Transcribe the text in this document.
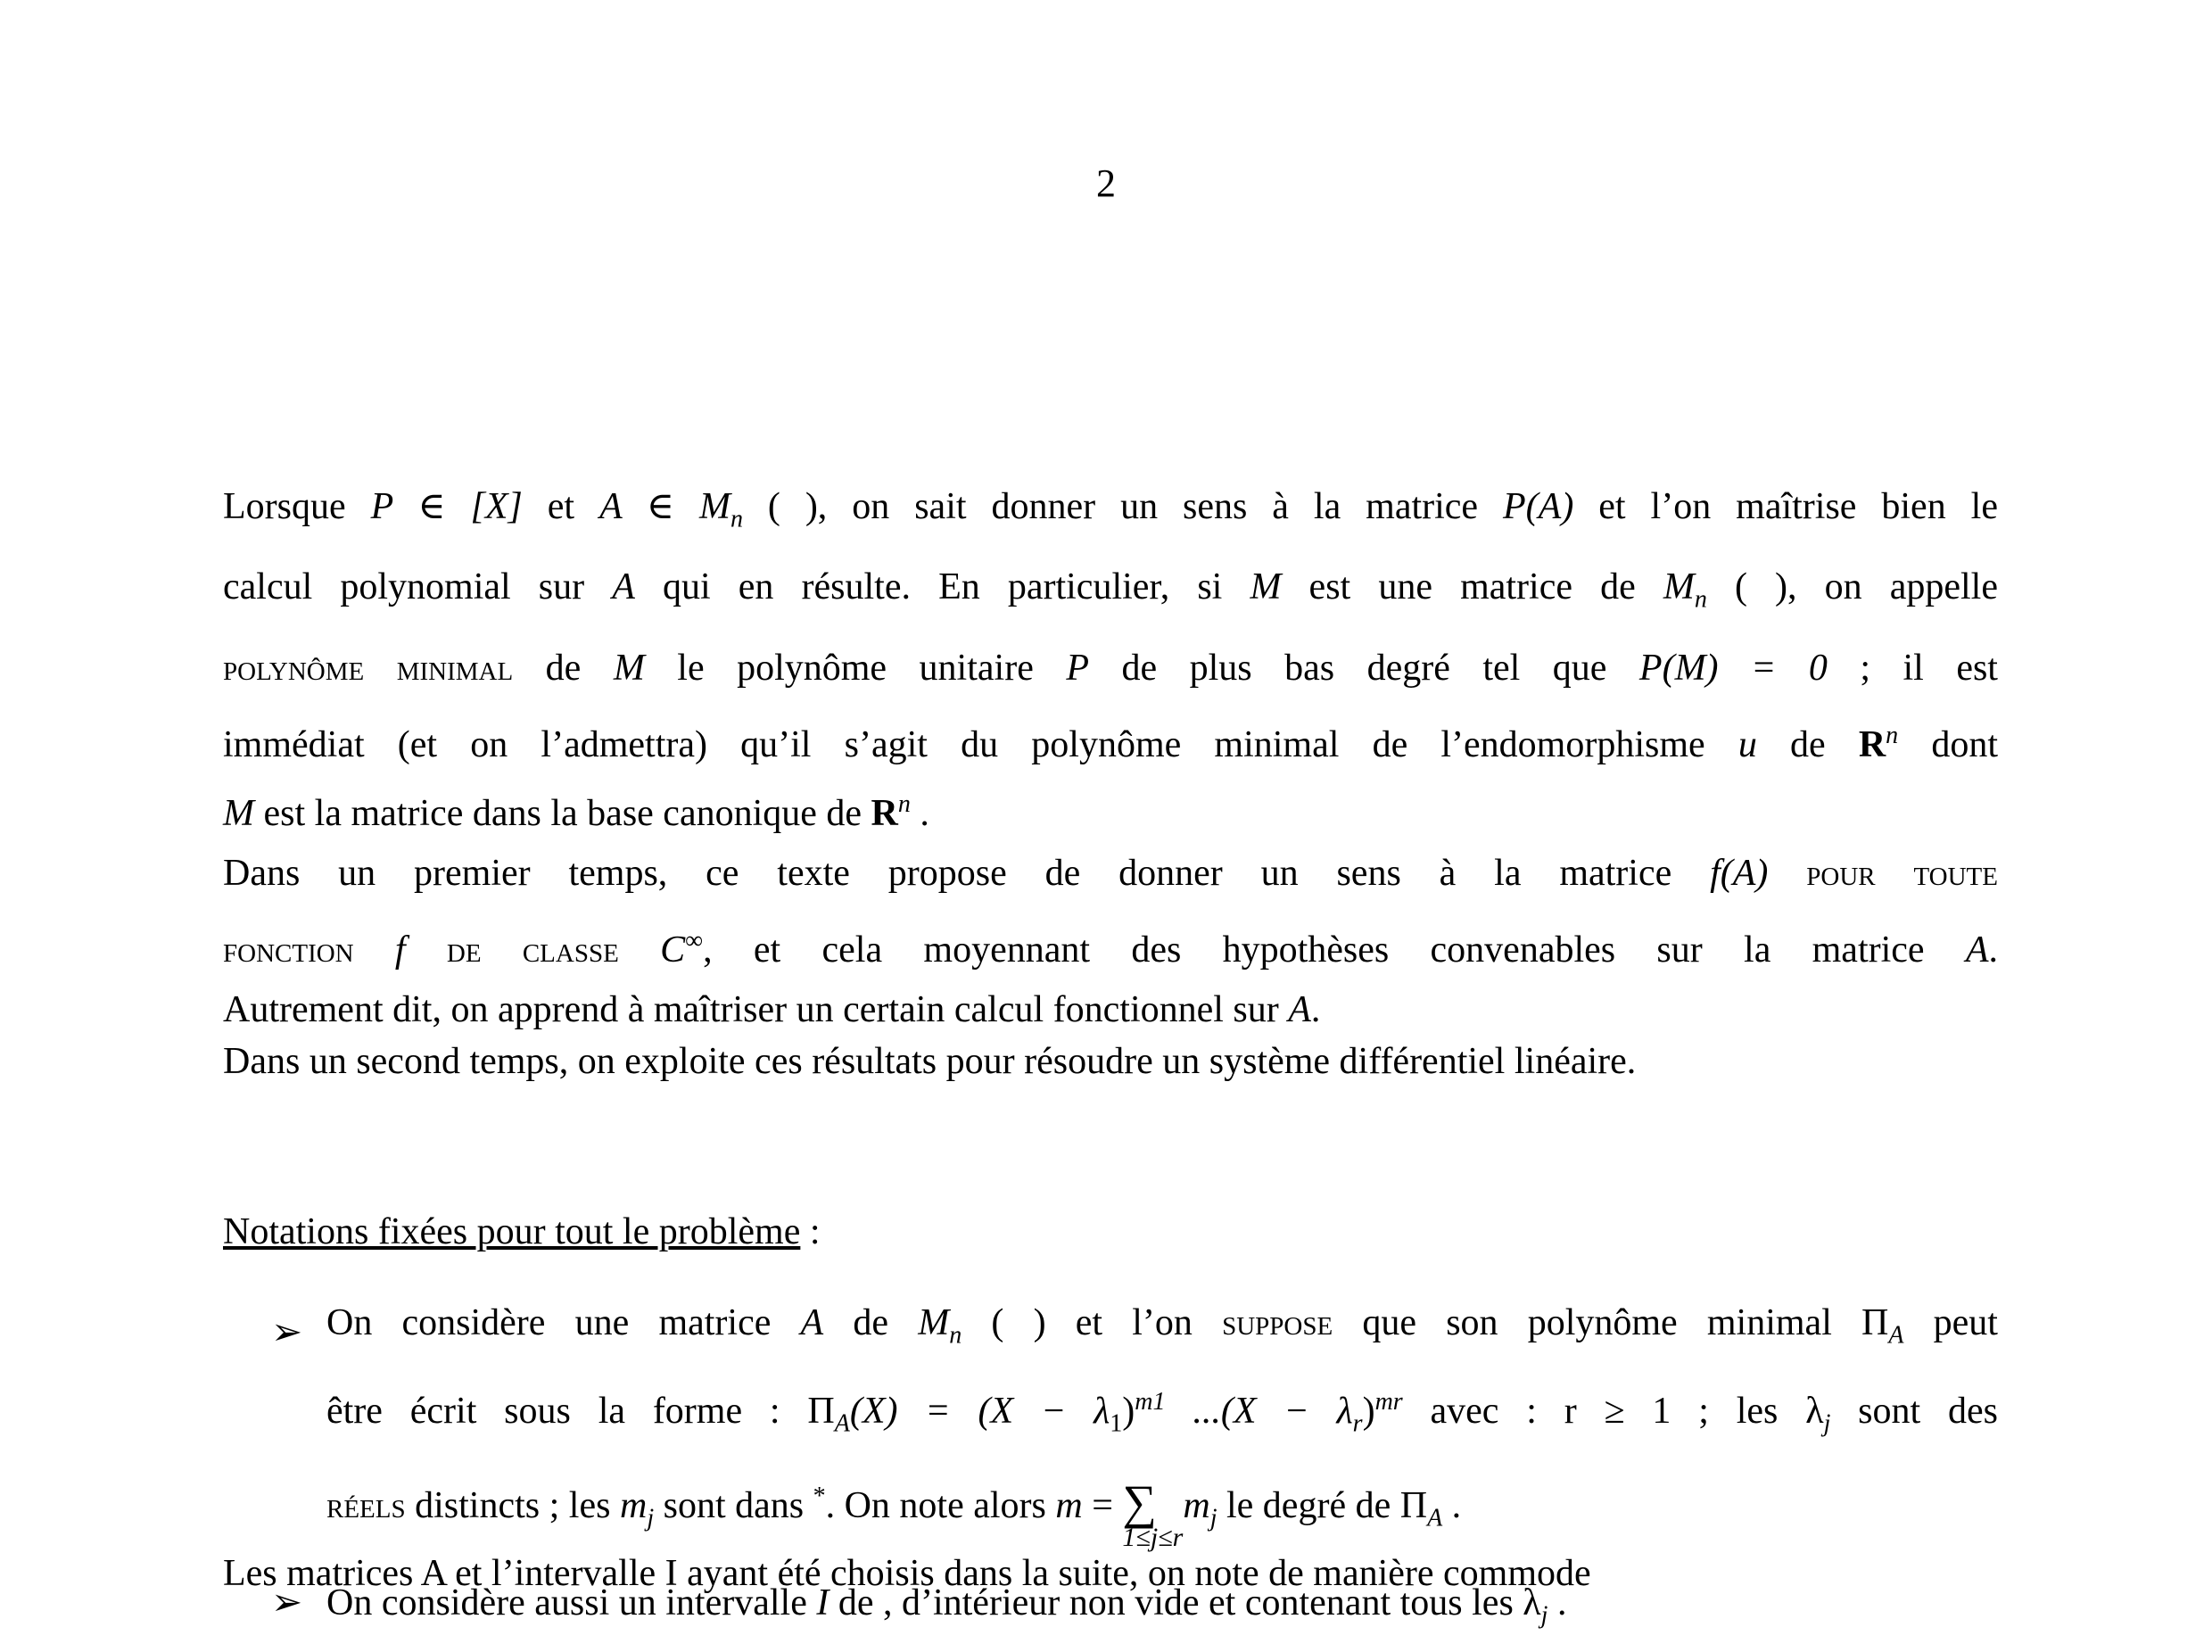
2

Lorsque P ∈ [X] et A ∈ $M_n$ ( ), on sait donner un sens à la matrice P(A) et l’on maîtrise bien le
calcul polynomial sur A qui en résulte. En particulier, si M est une matrice de $M_n$ ( ), on appelle
polynôme minimal de M le polynôme unitaire P de plus bas degré tel que P(M) = 0 ; il est
immédiat (et on l’admettra) qu’il s’agit du polynôme minimal de l’endomorphisme u de $R^n$ dont

M est la matrice dans la base canonique de $R^n$ .

Dans un premier temps, ce texte propose de donner un sens à la matrice f(A) pour toute
fonction f de classe C∞, et cela moyennant des hypothèses convenables sur la matrice A.

Autrement dit, on apprend à maîtriser un certain calcul fonctionnel sur A.
Dans un second temps, on exploite ces résultats pour résoudre un système différentiel linéaire.

Notations fixées pour tout le problème :

➢ On considère une matrice A de $M_n$ ( ) et l’on suppose que son polynôme minimal $\Pi_A$ peut
être écrit sous la forme : $\Pi_A(X) = (X - \lambda_1)^{m1}$ $...(X - \lambda_r)^{mr}$ avec : r ≥ 1 ; les $\lambda_j$ sont des
réels distincts ; les $m_j$ sont dans *. On note alors m = ∑
1≤j≤r
$m_j$ le degré de $\Pi_A$ .
➢ On considère aussi un intervalle I de , d’intérieur non vide et contenant tous les $\lambda_j$ .
Les matrices A et l’intervalle I ayant été choisis dans la suite, on note de manière commode
